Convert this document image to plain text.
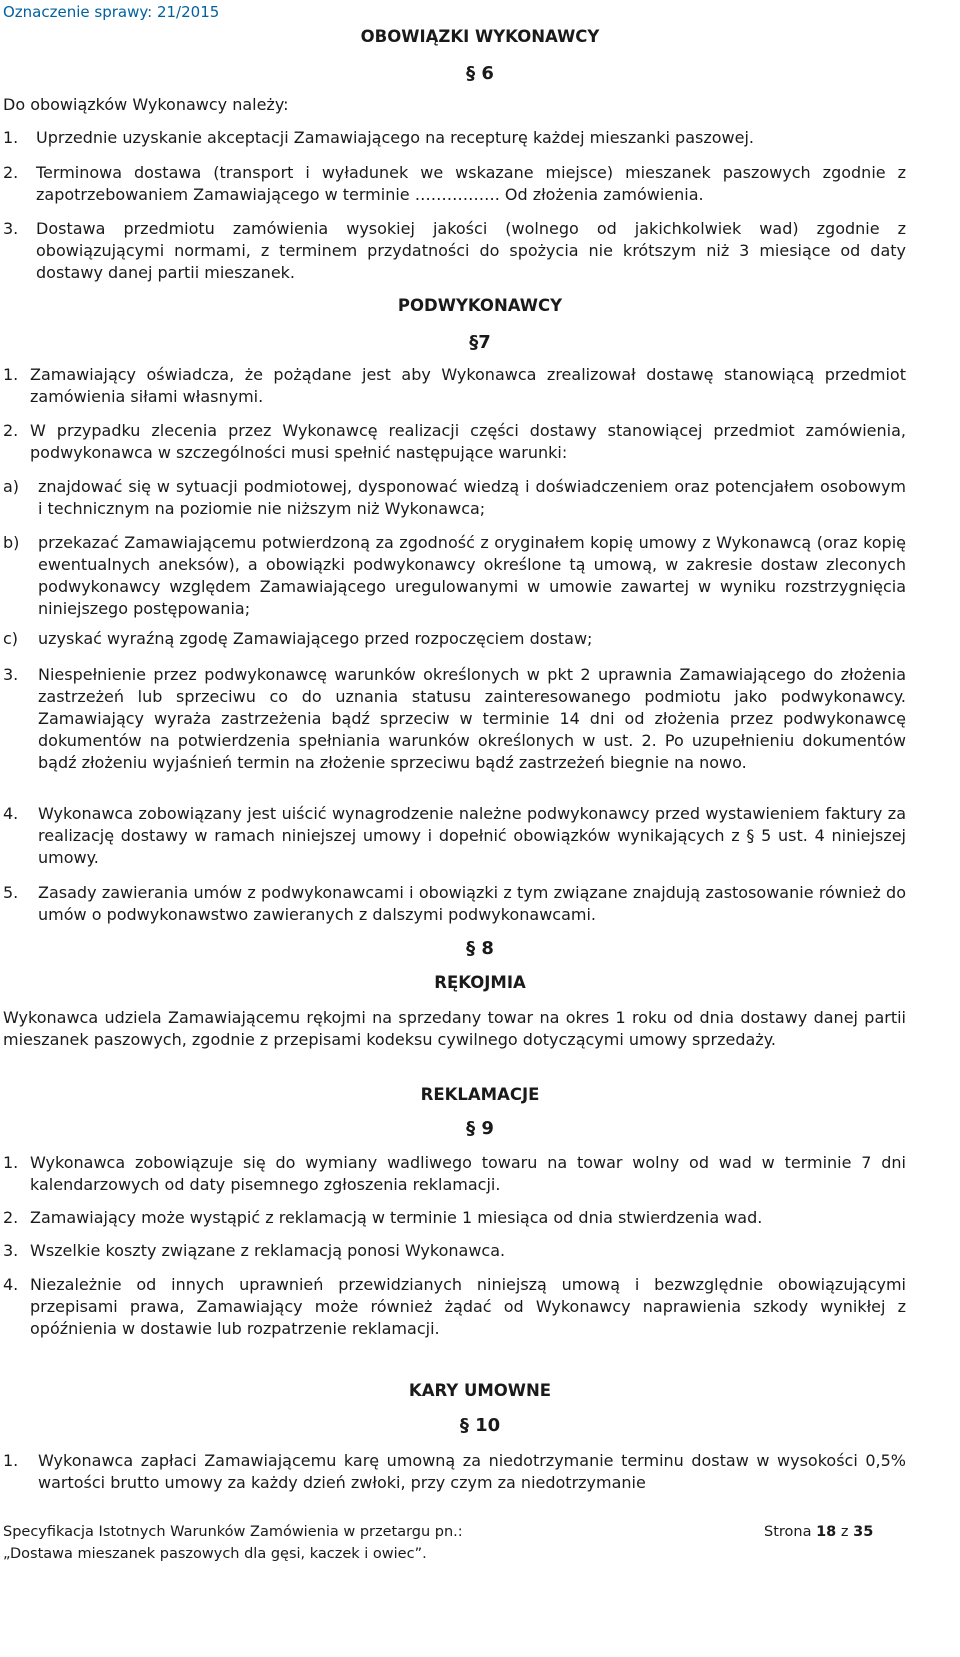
Oznaczenie sprawy: 21/2015
OBOWIĄZKI WYKONAWCY
§ 6
Do obowiązków Wykonawcy należy:
1. Uprzednie uzyskanie akceptacji Zamawiającego na recepturę każdej mieszanki paszowej.
2. Terminowa dostawa (transport i wyładunek we wskazane miejsce) mieszanek paszowych zgodnie z zapotrzebowaniem Zamawiającego w terminie ……………. Od złożenia zamówienia.
3. Dostawa przedmiotu zamówienia wysokiej jakości (wolnego od jakichkolwiek wad) zgodnie z obowiązującymi normami, z terminem przydatności do spożycia nie krótszym niż 3 miesiące od daty dostawy danej partii mieszanek.
PODWYKONAWCY
§7
1. Zamawiający oświadcza, że pożądane jest aby Wykonawca zrealizował dostawę stanowiącą przedmiot zamówienia siłami własnymi.
2. W przypadku zlecenia przez Wykonawcę realizacji części dostawy stanowiącej przedmiot zamówienia, podwykonawca w szczególności musi spełnić następujące warunki:
a) znajdować się w sytuacji podmiotowej, dysponować wiedzą i doświadczeniem oraz potencjałem osobowym i technicznym na poziomie nie niższym niż Wykonawca;
b) przekazać Zamawiającemu potwierdzoną za zgodność z oryginałem kopię umowy z Wykonawcą (oraz kopię ewentualnych aneksów), a obowiązki podwykonawcy określone tą umową, w zakresie dostaw zleconych podwykonawcy względem Zamawiającego uregulowanymi w umowie zawartej w wyniku rozstrzygnięcia niniejszego postępowania;
c) uzyskać wyraźną zgodę Zamawiającego przed rozpoczęciem dostaw;
3. Niespełnienie przez podwykonawcę warunków określonych w pkt 2 uprawnia Zamawiającego do złożenia zastrzeżeń lub sprzeciwu co do uznania statusu zainteresowanego podmiotu jako podwykonawcy. Zamawiający wyraża zastrzeżenia bądź sprzeciw w terminie 14 dni od złożenia przez podwykonawcę dokumentów na potwierdzenia spełniania warunków określonych w ust. 2. Po uzupełnieniu dokumentów bądź złożeniu wyjaśnień termin na złożenie sprzeciwu bądź zastrzeżeń biegnie na nowo.
4. Wykonawca zobowiązany jest uiścić wynagrodzenie należne podwykonawcy przed wystawieniem faktury za realizację dostawy w ramach niniejszej umowy i dopełnić obowiązków wynikających z § 5 ust. 4 niniejszej umowy.
5. Zasady zawierania umów z podwykonawcami i obowiązki z tym związane znajdują zastosowanie również do umów o podwykonawstwo zawieranych z dalszymi podwykonawcami.
§ 8
RĘKOJMIA
Wykonawca udziela Zamawiającemu rękojmi na sprzedany towar na okres 1 roku od dnia dostawy danej partii mieszanek paszowych, zgodnie z przepisami kodeksu cywilnego dotyczącymi umowy sprzedaży.
REKLAMACJE
§ 9
1. Wykonawca zobowiązuje się do wymiany wadliwego towaru na towar wolny od wad w terminie 7 dni kalendarzowych od daty pisemnego zgłoszenia reklamacji.
2. Zamawiający może wystąpić z reklamacją w terminie 1 miesiąca od dnia stwierdzenia wad.
3. Wszelkie koszty związane z reklamacją ponosi Wykonawca.
4. Niezależnie od innych uprawnień przewidzianych niniejszą umową i bezwzględnie obowiązującymi przepisami prawa, Zamawiający może również żądać od Wykonawcy naprawienia szkody wynikłej z opóźnienia w dostawie lub rozpatrzenie reklamacji.
KARY UMOWNE
§ 10
1. Wykonawca zapłaci Zamawiającemu karę umowną za niedotrzymanie terminu dostaw w wysokości 0,5% wartości brutto umowy za każdy dzień zwłoki, przy czym za niedotrzymanie
Specyfikacja Istotnych Warunków Zamówienia w przetargu pn.:
„Dostawa mieszanek paszowych dla gęsi, kaczek i owiec”.
Strona 18 z 35
